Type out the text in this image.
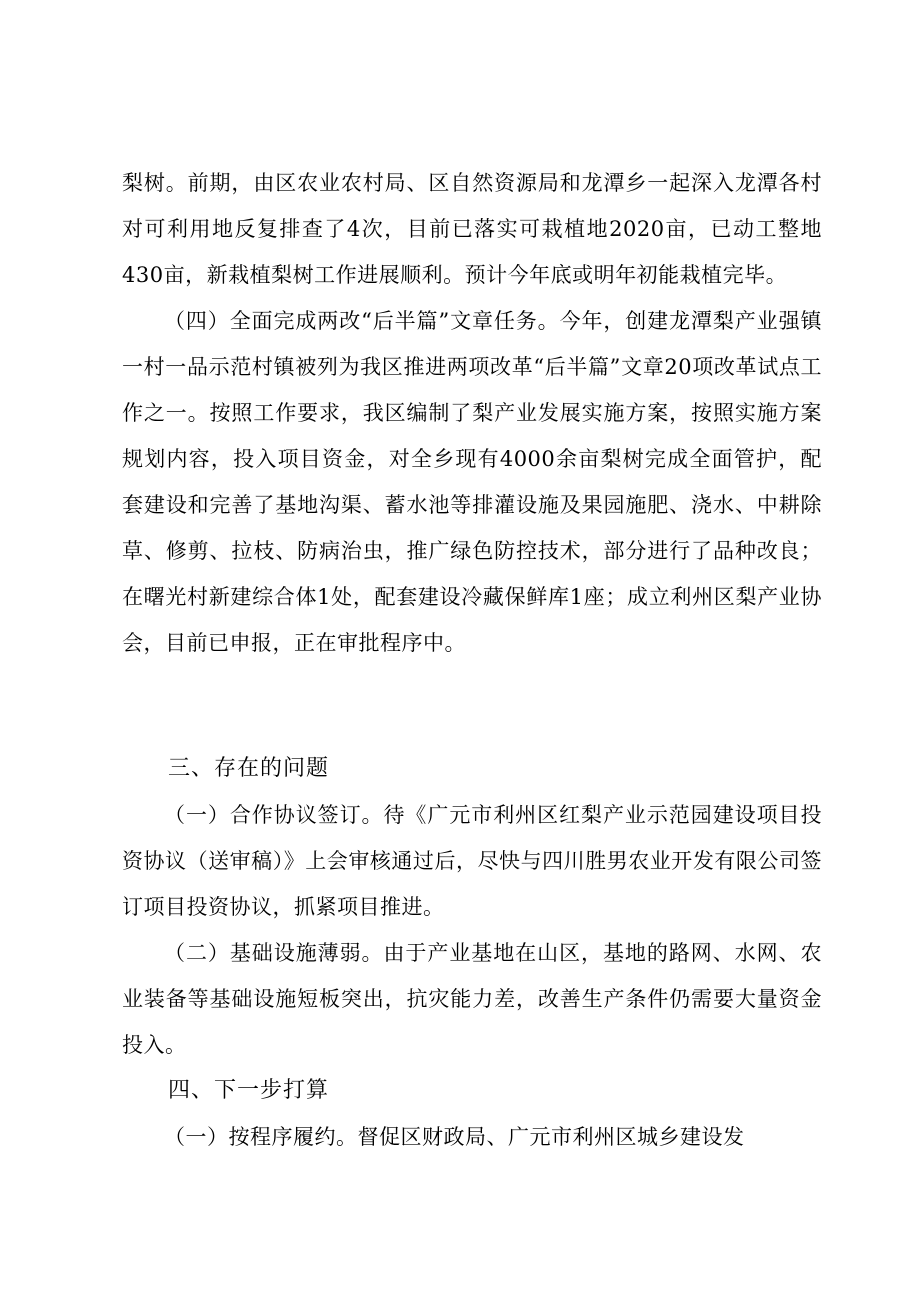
梨树。前期，由区农业农村局、区自然资源局和龙潭乡一起深入龙潭各村对可利用地反复排查了4次，目前已落实可栽植地2020亩，已动工整地430亩，新栽植梨树工作进展顺利。预计今年底或明年初能栽植完毕。

（四）全面完成两改“后半篇”文章任务。今年，创建龙潭梨产业强镇一村一品示范村镇被列为我区推进两项改革“后半篇”文章20项改革试点工作之一。按照工作要求，我区编制了梨产业发展实施方案，按照实施方案规划内容，投入项目资金，对全乡现有4000余亩梨树完成全面管护，配套建设和完善了基地沟渠、蓄水池等排灌设施及果园施肥、浇水、中耕除草、修剪、拉枝、防病治虫，推广绿色防控技术，部分进行了品种改良；在曙光村新建综合体1处，配套建设冷藏保鲜库1座；成立利州区梨产业协会，目前已申报，正在审批程序中。

三、存在的问题

（一）合作协议签订。待《广元市利州区红梨产业示范园建设项目投资协议（送审稿）》上会审核通过后，尽快与四川胜男农业开发有限公司签订项目投资协议，抓紧项目推进。

（二）基础设施薄弱。由于产业基地在山区，基地的路网、水网、农业装备等基础设施短板突出，抗灾能力差，改善生产条件仍需要大量资金投入。

四、下一步打算

（一）按程序履约。督促区财政局、广元市利州区城乡建设发
